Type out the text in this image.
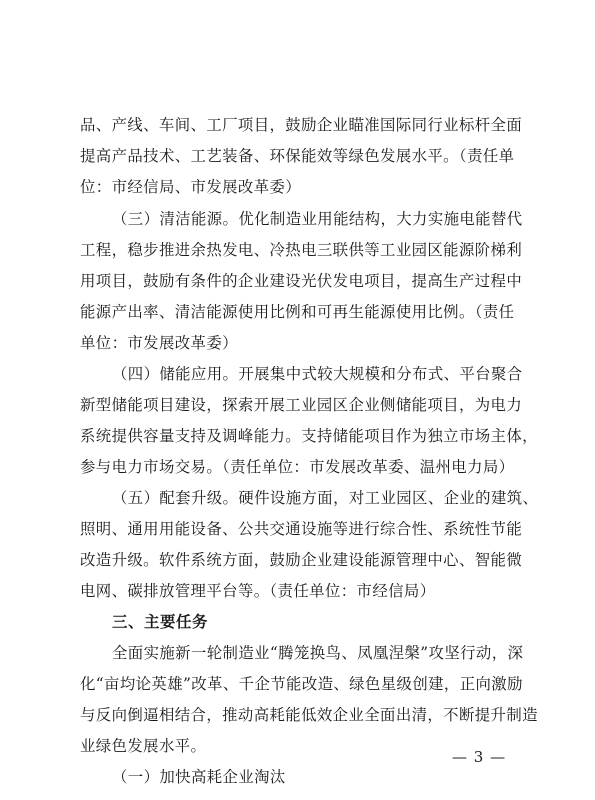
品、产线、车间、工厂项目，鼓励企业瞄准国际同行业标杆全面
提高产品技术、工艺装备、环保能效等绿色发展水平。（责任单
位：市经信局、市发展改革委）
（三）清洁能源。优化制造业用能结构，大力实施电能替代
工程，稳步推进余热发电、冷热电三联供等工业园区能源阶梯利
用项目，鼓励有条件的企业建设光伏发电项目，提高生产过程中
能源产出率、清洁能源使用比例和可再生能源使用比例。（责任
单位：市发展改革委）
（四）储能应用。开展集中式较大规模和分布式、平台聚合
新型储能项目建设，探索开展工业园区企业侧储能项目，为电力
系统提供容量支持及调峰能力。支持储能项目作为独立市场主体，
参与电力市场交易。（责任单位：市发展改革委、温州电力局）
（五）配套升级。硬件设施方面，对工业园区、企业的建筑、
照明、通用用能设备、公共交通设施等进行综合性、系统性节能
改造升级。软件系统方面，鼓励企业建设能源管理中心、智能微
电网、碳排放管理平台等。（责任单位：市经信局）
三、主要任务
全面实施新一轮制造业“腾笼换鸟、凤凰涅槃”攻坚行动，深
化“亩均论英雄”改革、千企节能改造、绿色星级创建，正向激励
与反向倒逼相结合，推动高耗能低效企业全面出清，不断提升制造
业绿色发展水平。
（一）加快高耗企业淘汰
— 3 —
